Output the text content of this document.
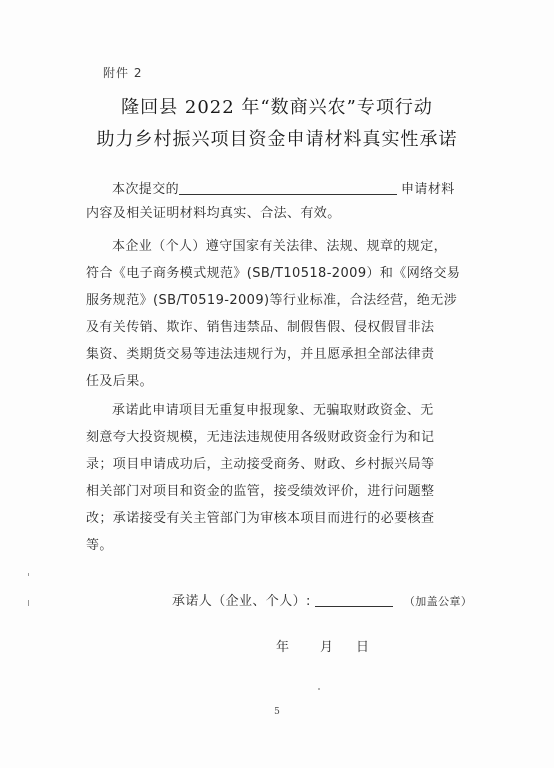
附件 2
隆回县 2022 年“数商兴农”专项行动
助力乡村振兴项目资金申请材料真实性承诺
本次提交的	申请材料
内容及相关证明材料均真实、合法、有效。
本企业（个人）遵守国家有关法律、法规、规章的规定，
符合《电子商务模式规范》(SB/T10518-2009）和《网络交易
服务规范》(SB/T0519-2009)等行业标准，合法经营，绝无涉
及有关传销、欺诈、销售违禁品、制假售假、侵权假冒非法
集资、类期货交易等违法违规行为，并且愿承担全部法律责
任及后果。
承诺此申请项目无重复申报现象、无骗取财政资金、无
刻意夸大投资规模，无违法违规使用各级财政资金行为和记
录；项目申请成功后，主动接受商务、财政、乡村振兴局等
相关部门对项目和资金的监管，接受绩效评价，进行问题整
改；承诺接受有关主管部门为审核本项目而进行的必要核查
等。
承诺人（企业、个人）:	（加盖公章）
年 月 日
5
